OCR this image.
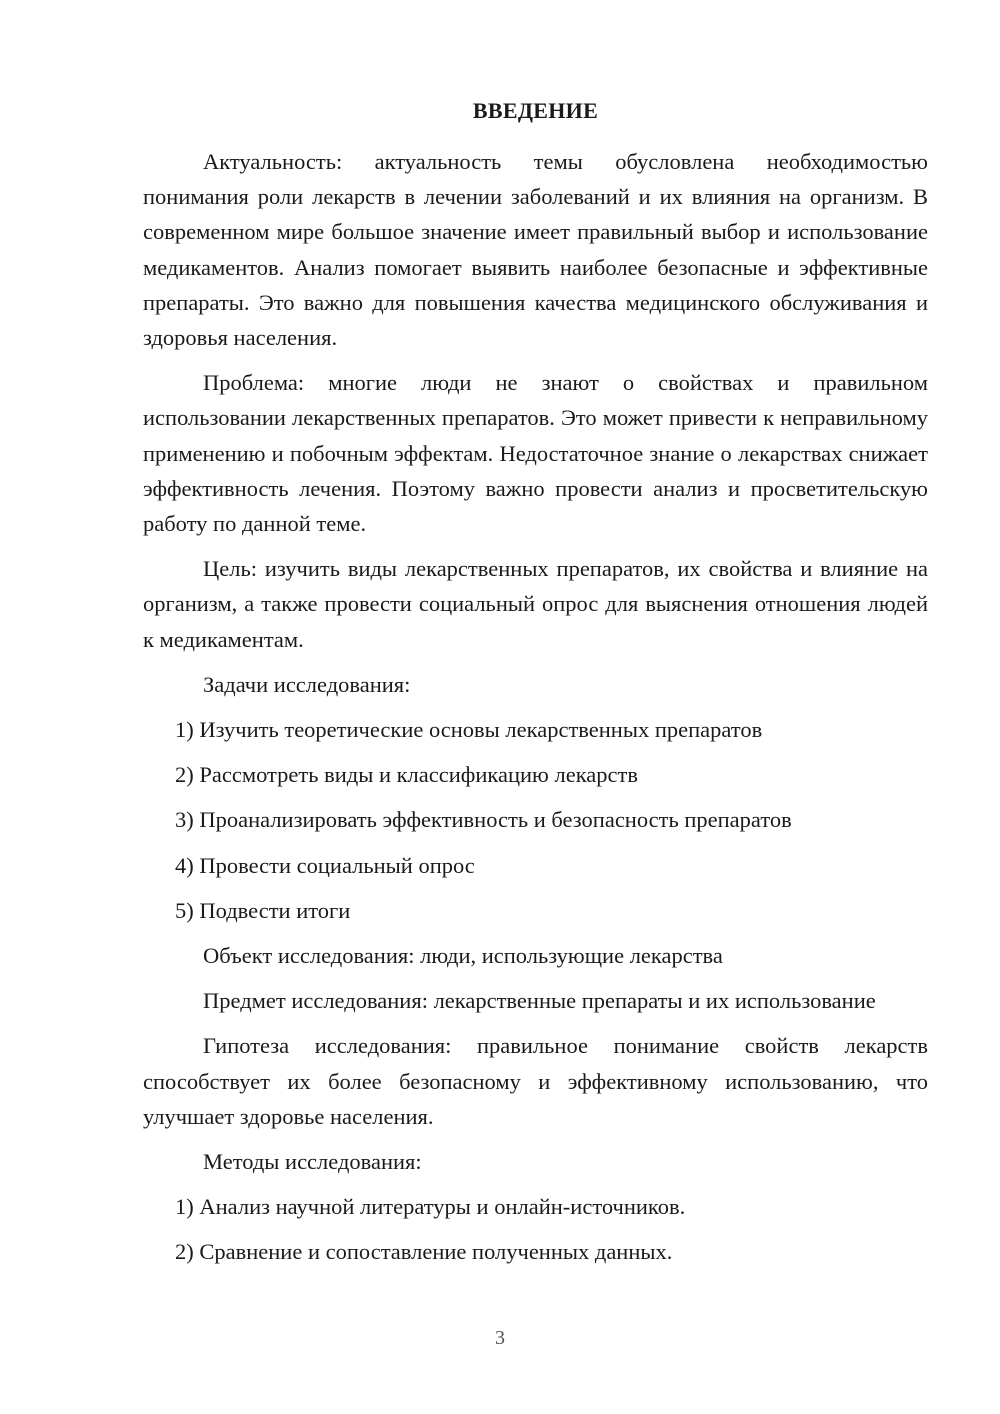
ВВЕДЕНИЕ

Актуальность: актуальность темы обусловлена необходимостью понимания роли лекарств в лечении заболеваний и их влияния на организм. В современном мире большое значение имеет правильный выбор и использование медикаментов. Анализ помогает выявить наиболее безопасные и эффективные препараты. Это важно для повышения качества медицинского обслуживания и здоровья населения.

Проблема: многие люди не знают о свойствах и правильном использовании лекарственных препаратов. Это может привести к неправильному применению и побочным эффектам. Недостаточное знание о лекарствах снижает эффективность лечения. Поэтому важно провести анализ и просветительскую работу по данной теме.

Цель: изучить виды лекарственных препаратов, их свойства и влияние на организм, а также провести социальный опрос для выяснения отношения людей к медикаментам.

Задачи исследования:

1) Изучить теоретические основы лекарственных препаратов

2) Рассмотреть виды и классификацию лекарств

3) Проанализировать эффективность и безопасность препаратов

4) Провести социальный опрос

5) Подвести итоги

Объект исследования: люди, использующие лекарства

Предмет исследования: лекарственные препараты и их использование

Гипотеза исследования: правильное понимание свойств лекарств способствует их более безопасному и эффективному использованию, что улучшает здоровье населения.

Методы исследования:

1) Анализ научной литературы и онлайн-источников.

2) Сравнение и сопоставление полученных данных.

3
